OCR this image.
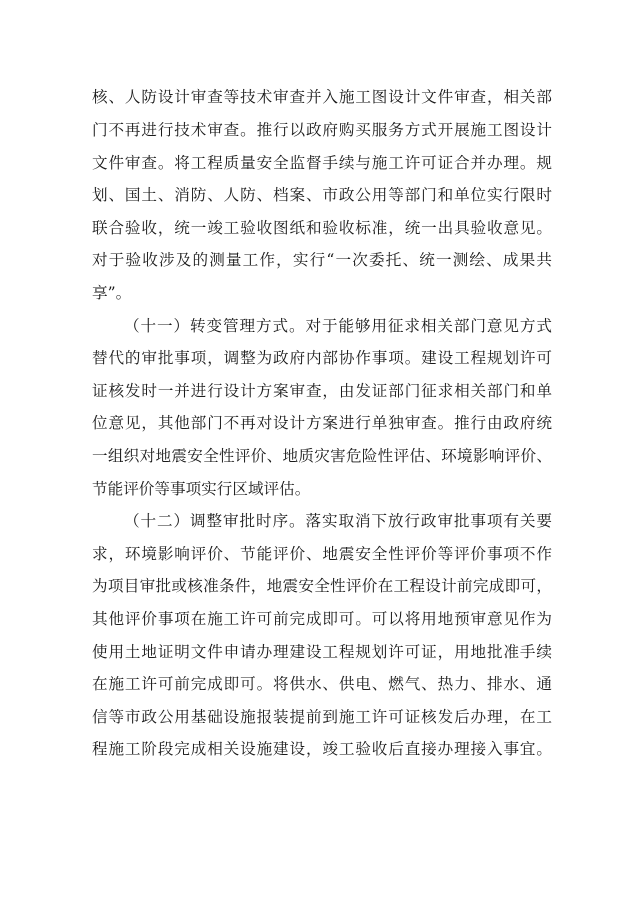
核、人防设计审查等技术审查并入施工图设计文件审查，相关部
门不再进行技术审查。推行以政府购买服务方式开展施工图设计
文件审查。将工程质量安全监督手续与施工许可证合并办理。规
划、国土、消防、人防、档案、市政公用等部门和单位实行限时
联合验收，统一竣工验收图纸和验收标准，统一出具验收意见。
对于验收涉及的测量工作，实行“一次委托、统一测绘、成果共
享”。
（十一）转变管理方式。对于能够用征求相关部门意见方式
替代的审批事项，调整为政府内部协作事项。建设工程规划许可
证核发时一并进行设计方案审查，由发证部门征求相关部门和单
位意见，其他部门不再对设计方案进行单独审查。推行由政府统
一组织对地震安全性评价、地质灾害危险性评估、环境影响评价、
节能评价等事项实行区域评估。
（十二）调整审批时序。落实取消下放行政审批事项有关要
求，环境影响评价、节能评价、地震安全性评价等评价事项不作
为项目审批或核准条件，地震安全性评价在工程设计前完成即可，
其他评价事项在施工许可前完成即可。可以将用地预审意见作为
使用土地证明文件申请办理建设工程规划许可证，用地批准手续
在施工许可前完成即可。将供水、供电、燃气、热力、排水、通
信等市政公用基础设施报装提前到施工许可证核发后办理，在工
程施工阶段完成相关设施建设，竣工验收后直接办理接入事宜。
